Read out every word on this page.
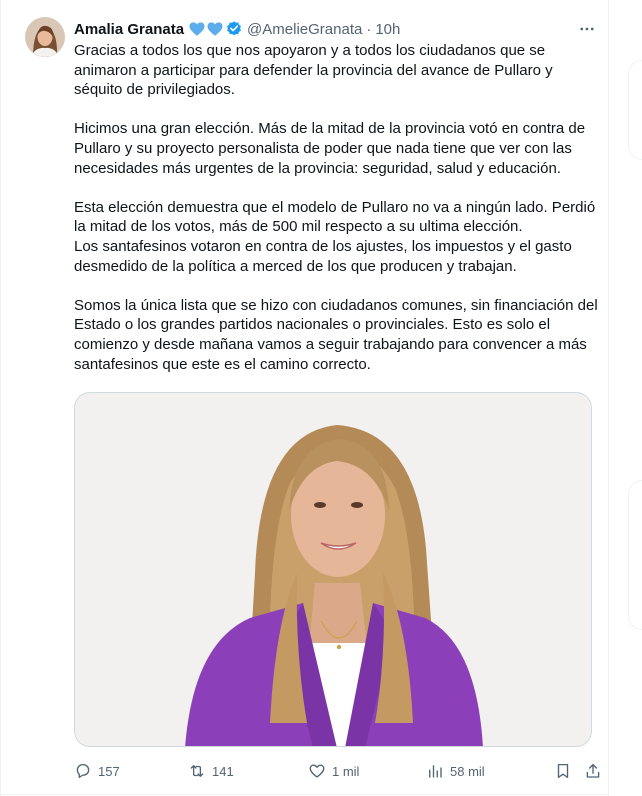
Amalia Granata	@AmelieGranata · 10h

Gracias a todos los que nos apoyaron y a todos los ciudadanos que se
animaron a participar para defender la provincia del avance de Pullaro y
séquito de privilegiados.

Hicimos una gran elección. Más de la mitad de la provincia votó en contra de
Pullaro y su proyecto personalista de poder que nada tiene que ver con las
necesidades más urgentes de la provincia: seguridad, salud y educación.

Esta elección demuestra que el modelo de Pullaro no va a ningún lado. Perdió
la mitad de los votos, más de 500 mil respecto a su ultima elección.
Los santafesinos votaron en contra de los ajustes, los impuestos y el gasto
desmedido de la política a merced de los que producen y trabajan.

Somos la única lista que se hizo con ciudadanos comunes, sin financiación del
Estado o los grandes partidos nacionales o provinciales. Esto es solo el
comienzo y desde mañana vamos a seguir trabajando para convencer a más
santafesinos que este es el camino correcto.

157	141	1 mil	58 mil
